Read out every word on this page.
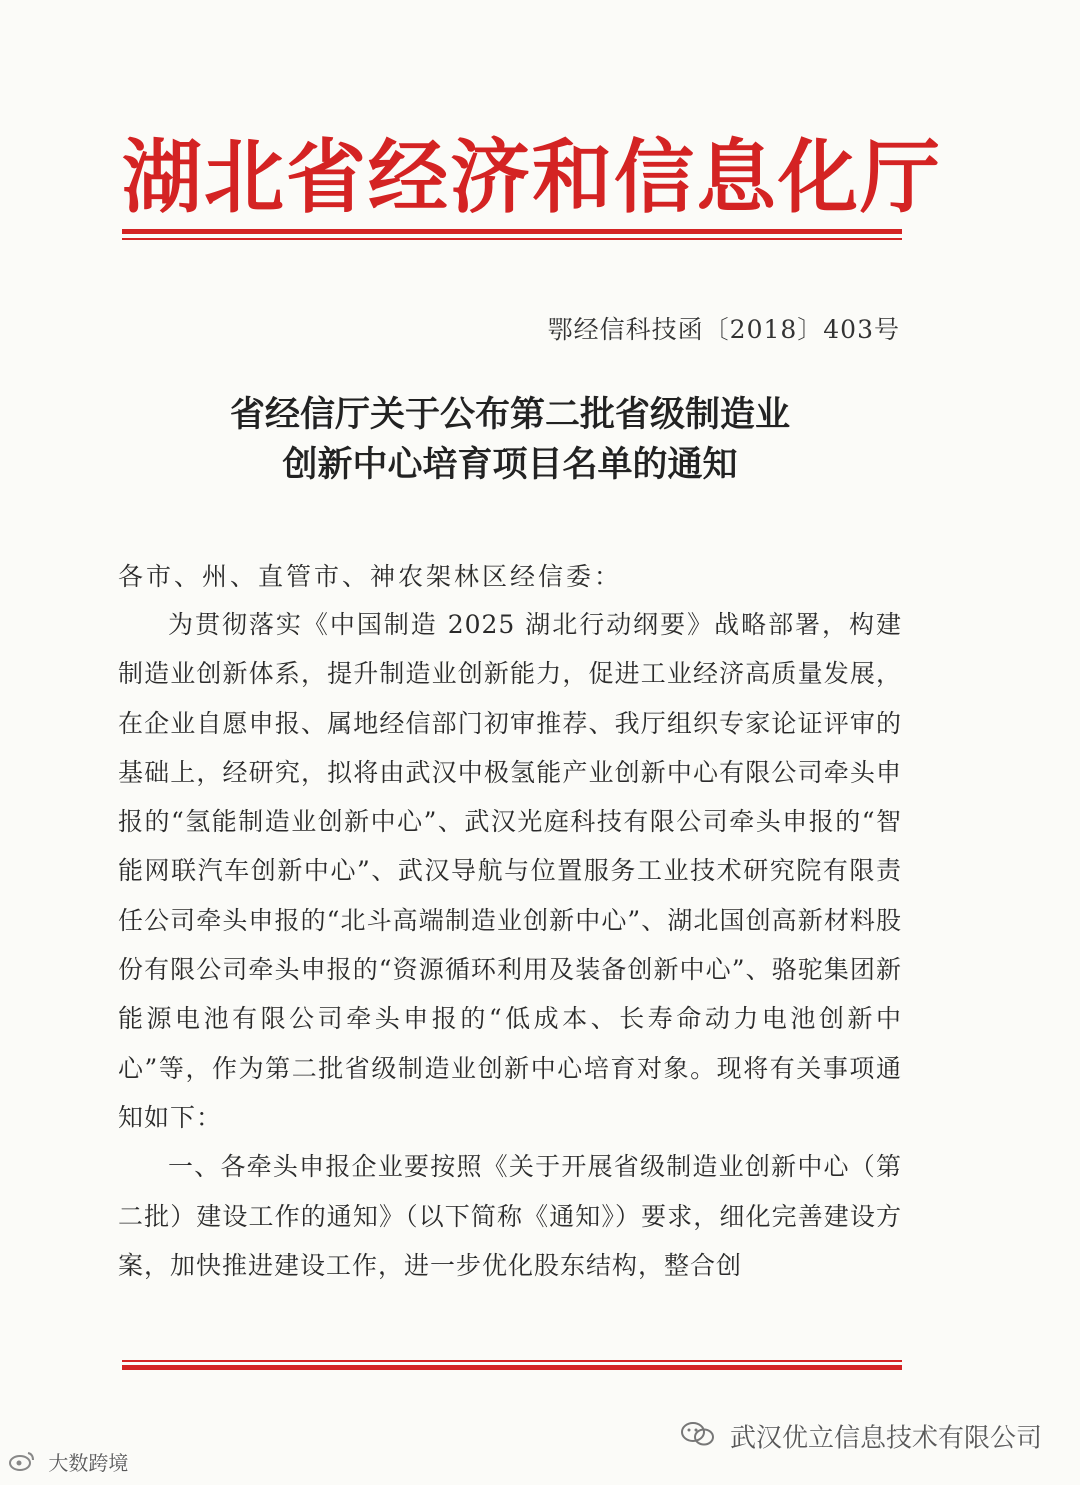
湖北省经济和信息化厅
鄂经信科技函〔2018〕403号
省经信厅关于公布第二批省级制造业
创新中心培育项目名单的通知
各市、州、直管市、神农架林区经信委：

为贯彻落实《中国制造 2025 湖北行动纲要》战略部署，构建制造业创新体系，提升制造业创新能力，促进工业经济高质量发展，在企业自愿申报、属地经信部门初审推荐、我厅组织专家论证评审的基础上，经研究，拟将由武汉中极氢能产业创新中心有限公司牵头申报的“氢能制造业创新中心”、武汉光庭科技有限公司牵头申报的“智能网联汽车创新中心”、武汉导航与位置服务工业技术研究院有限责任公司牵头申报的“北斗高端制造业创新中心”、湖北国创高新材料股份有限公司牵头申报的“资源循环利用及装备创新中心”、骆驼集团新能源电池有限公司牵头申报的“低成本、长寿命动力电池创新中心”等，作为第二批省级制造业创新中心培育对象。现将有关事项通知如下：

一、各牵头申报企业要按照《关于开展省级制造业创新中心（第二批）建设工作的通知》（以下简称《通知》）要求，细化完善建设方案，加快推进建设工作，进一步优化股东结构，整合创

武汉优立信息技术有限公司
大数跨境
